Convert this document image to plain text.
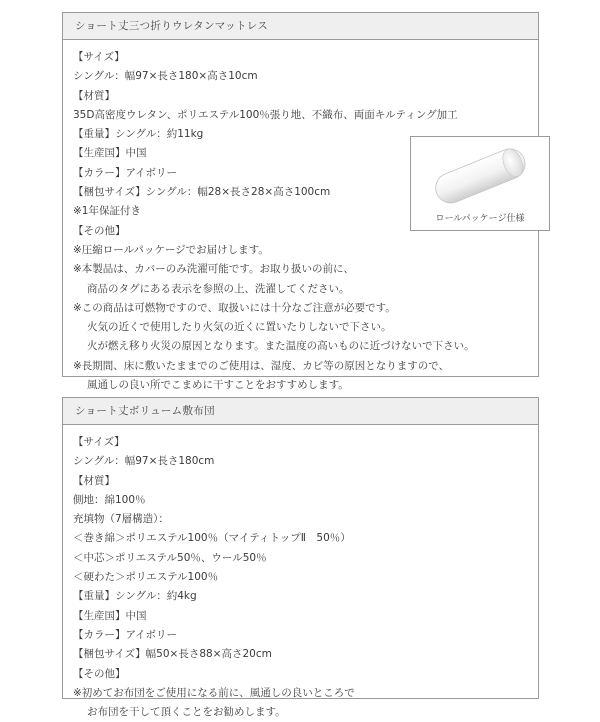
ショート丈三つ折りウレタンマットレス
【サイズ】
シングル：幅97×長さ180×高さ10cm
【材質】
35D高密度ウレタン、ポリエステル100％張り地、不織布、両面キルティング加工
【重量】シングル：約11kg
【生産国】中国
【カラー】アイボリー
【梱包サイズ】シングル：幅28×長さ28×高さ100cm
※1年保証付き
【その他】
※圧縮ロールパッケージでお届けします。
※本製品は、カバーのみ洗濯可能です。お取り扱いの前に、
商品のタグにある表示を参照の上、洗濯してください。
※この商品は可燃物ですので、取扱いには十分なご注意が必要です。
火気の近くで使用したり火気の近くに置いたりしないで下さい。
火が燃え移り火災の原因となります。また温度の高いものに近づけないで下さい。
※長期間、床に敷いたままでのご使用は、湿度、カビ等の原因となりますので、
風通しの良い所でこまめに干すことをおすすめします。
ロールパッケージ仕様
ショート丈ボリューム敷布団
【サイズ】
シングル：幅97×長さ180cm
【材質】
側地：綿100％
充填物（7層構造）：
＜巻き綿＞ポリエステル100％（マイティトップⅡ　50％）
＜中芯＞ポリエステル50％、ウール50％
＜硬わた＞ポリエステル100％
【重量】シングル：約4kg
【生産国】中国
【カラー】アイボリー
【梱包サイズ】幅50×長さ88×高さ20cm
【その他】
※初めてお布団をご使用になる前に、風通しの良いところで
お布団を干して頂くことをお勧めします。
